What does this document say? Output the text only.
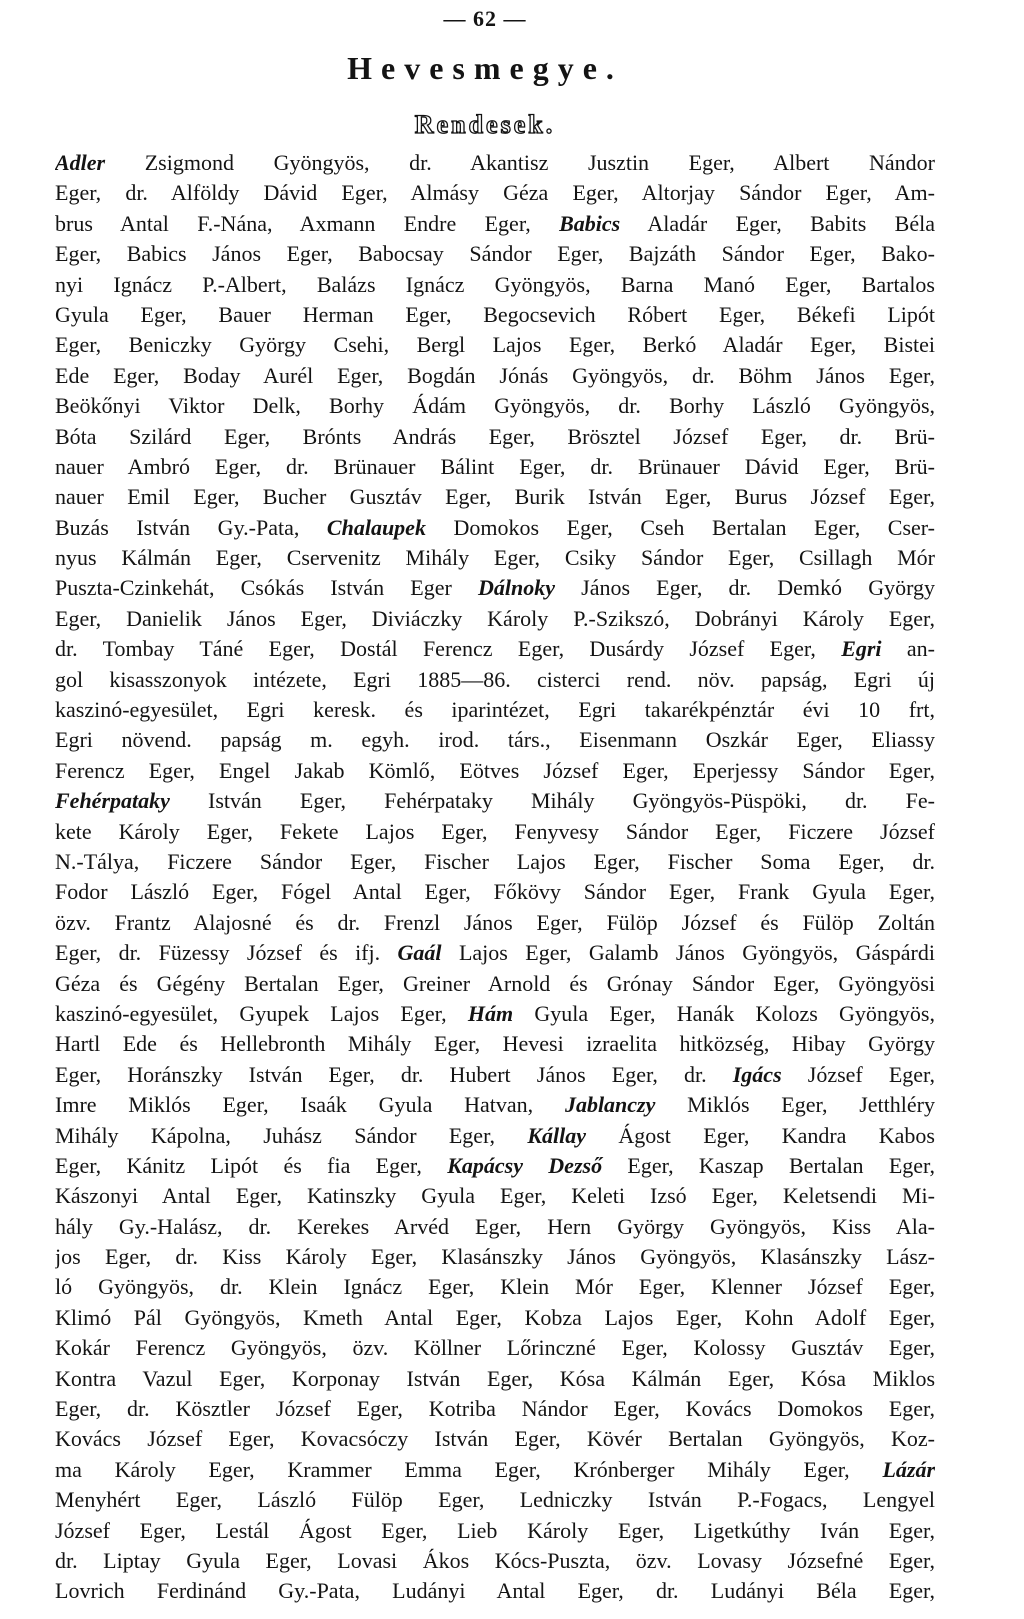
— 62 —
Hevesmegye.
Rendesek.
Adler Zsigmond Gyöngyös, dr. Akantisz Jusztin Eger, Albert Nándor
Eger, dr. Alföldy Dávid Eger, Almásy Géza Eger, Altorjay Sándor Eger, Am-
brus Antal F.-Nána, Axmann Endre Eger, Babics Aladár Eger, Babits Béla
Eger, Babics János Eger, Babocsay Sándor Eger, Bajzáth Sándor Eger, Bako-
nyi Ignácz P.-Albert, Balázs Ignácz Gyöngyös, Barna Manó Eger, Bartalos
Gyula Eger, Bauer Herman Eger, Begocsevich Róbert Eger, Békefi Lipót
Eger, Beniczky György Csehi, Bergl Lajos Eger, Berkó Aladár Eger, Bistei
Ede Eger, Boday Aurél Eger, Bogdán Jónás Gyöngyös, dr. Böhm János Eger,
Beökőnyi Viktor Delk, Borhy Ádám Gyöngyös, dr. Borhy László Gyöngyös,
Bóta Szilárd Eger, Brónts András Eger, Brösztel József Eger, dr. Brü-
nauer Ambró Eger, dr. Brünauer Bálint Eger, dr. Brünauer Dávid Eger, Brü-
nauer Emil Eger, Bucher Gusztáv Eger, Burik István Eger, Burus József Eger,
Buzás István Gy.-Pata, Chalaupek Domokos Eger, Cseh Bertalan Eger, Cser-
nyus Kálmán Eger, Cservenitz Mihály Eger, Csiky Sándor Eger, Csillagh Mór
Puszta-Czinkehát, Csókás István Eger Dálnoky János Eger, dr. Demkó György
Eger, Danielik János Eger, Diviáczky Károly P.-Szikszó, Dobrányi Károly Eger,
dr. Tombay Táné Eger, Dostál Ferencz Eger, Dusárdy József Eger, Egri an-
gol kisasszonyok intézete, Egri 1885—86. cisterci rend. növ. papság, Egri új
kaszinó-egyesület, Egri keresk. és iparintézet, Egri takarékpénztár évi 10 frt,
Egri növend. papság m. egyh. irod. társ., Eisenmann Oszkár Eger, Eliassy
Ferencz Eger, Engel Jakab Kömlő, Eötves József Eger, Eperjessy Sándor Eger,
Fehérpataky István Eger, Fehérpataky Mihály Gyöngyös-Püspöki, dr. Fe-
kete Károly Eger, Fekete Lajos Eger, Fenyvesy Sándor Eger, Ficzere József
N.-Tálya, Ficzere Sándor Eger, Fischer Lajos Eger, Fischer Soma Eger, dr.
Fodor László Eger, Fógel Antal Eger, Főkövy Sándor Eger, Frank Gyula Eger,
özv. Frantz Alajosné és dr. Frenzl János Eger, Fülöp József és Fülöp Zoltán
Eger, dr. Füzessy József és ifj. Gaál Lajos Eger, Galamb János Gyöngyös, Gáspárdi
Géza és Gégény Bertalan Eger, Greiner Arnold és Grónay Sándor Eger, Gyöngyösi
kaszinó-egyesület, Gyupek Lajos Eger, Hám Gyula Eger, Hanák Kolozs Gyöngyös,
Hartl Ede és Hellebronth Mihály Eger, Hevesi izraelita hitközség, Hibay György
Eger, Horánszky István Eger, dr. Hubert János Eger, dr. Igács József Eger,
Imre Miklós Eger, Isaák Gyula Hatvan, Jablanczy Miklós Eger, Jetthléry
Mihály Kápolna, Juhász Sándor Eger, Kállay Ágost Eger, Kandra Kabos
Eger, Kánitz Lipót és fia Eger, Kapácsy Dezső Eger, Kaszap Bertalan Eger,
Kászonyi Antal Eger, Katinszky Gyula Eger, Keleti Izsó Eger, Keletsendi Mi-
hály Gy.-Halász, dr. Kerekes Arvéd Eger, Hern György Gyöngyös, Kiss Ala-
jos Eger, dr. Kiss Károly Eger, Klasánszky János Gyöngyös, Klasánszky Lász-
ló Gyöngyös, dr. Klein Ignácz Eger, Klein Mór Eger, Klenner József Eger,
Klimó Pál Gyöngyös, Kmeth Antal Eger, Kobza Lajos Eger, Kohn Adolf Eger,
Kokár Ferencz Gyöngyös, özv. Köllner Lőrinczné Eger, Kolossy Gusztáv Eger,
Kontra Vazul Eger, Korponay István Eger, Kósa Kálmán Eger, Kósa Miklos
Eger, dr. Kösztler József Eger, Kotriba Nándor Eger, Kovács Domokos Eger,
Kovács József Eger, Kovacsóczy István Eger, Kövér Bertalan Gyöngyös, Koz-
ma Károly Eger, Krammer Emma Eger, Krónberger Mihály Eger, Lázár
Menyhért Eger, László Fülöp Eger, Ledniczky István P.-Fogacs, Lengyel
József Eger, Lestál Ágost Eger, Lieb Károly Eger, Ligetkúthy Iván Eger,
dr. Liptay Gyula Eger, Lovasi Ákos Kócs-Puszta, özv. Lovasy Józsefné Eger,
Lovrich Ferdinánd Gy.-Pata, Ludányi Antal Eger, dr. Ludányi Béla Eger,
